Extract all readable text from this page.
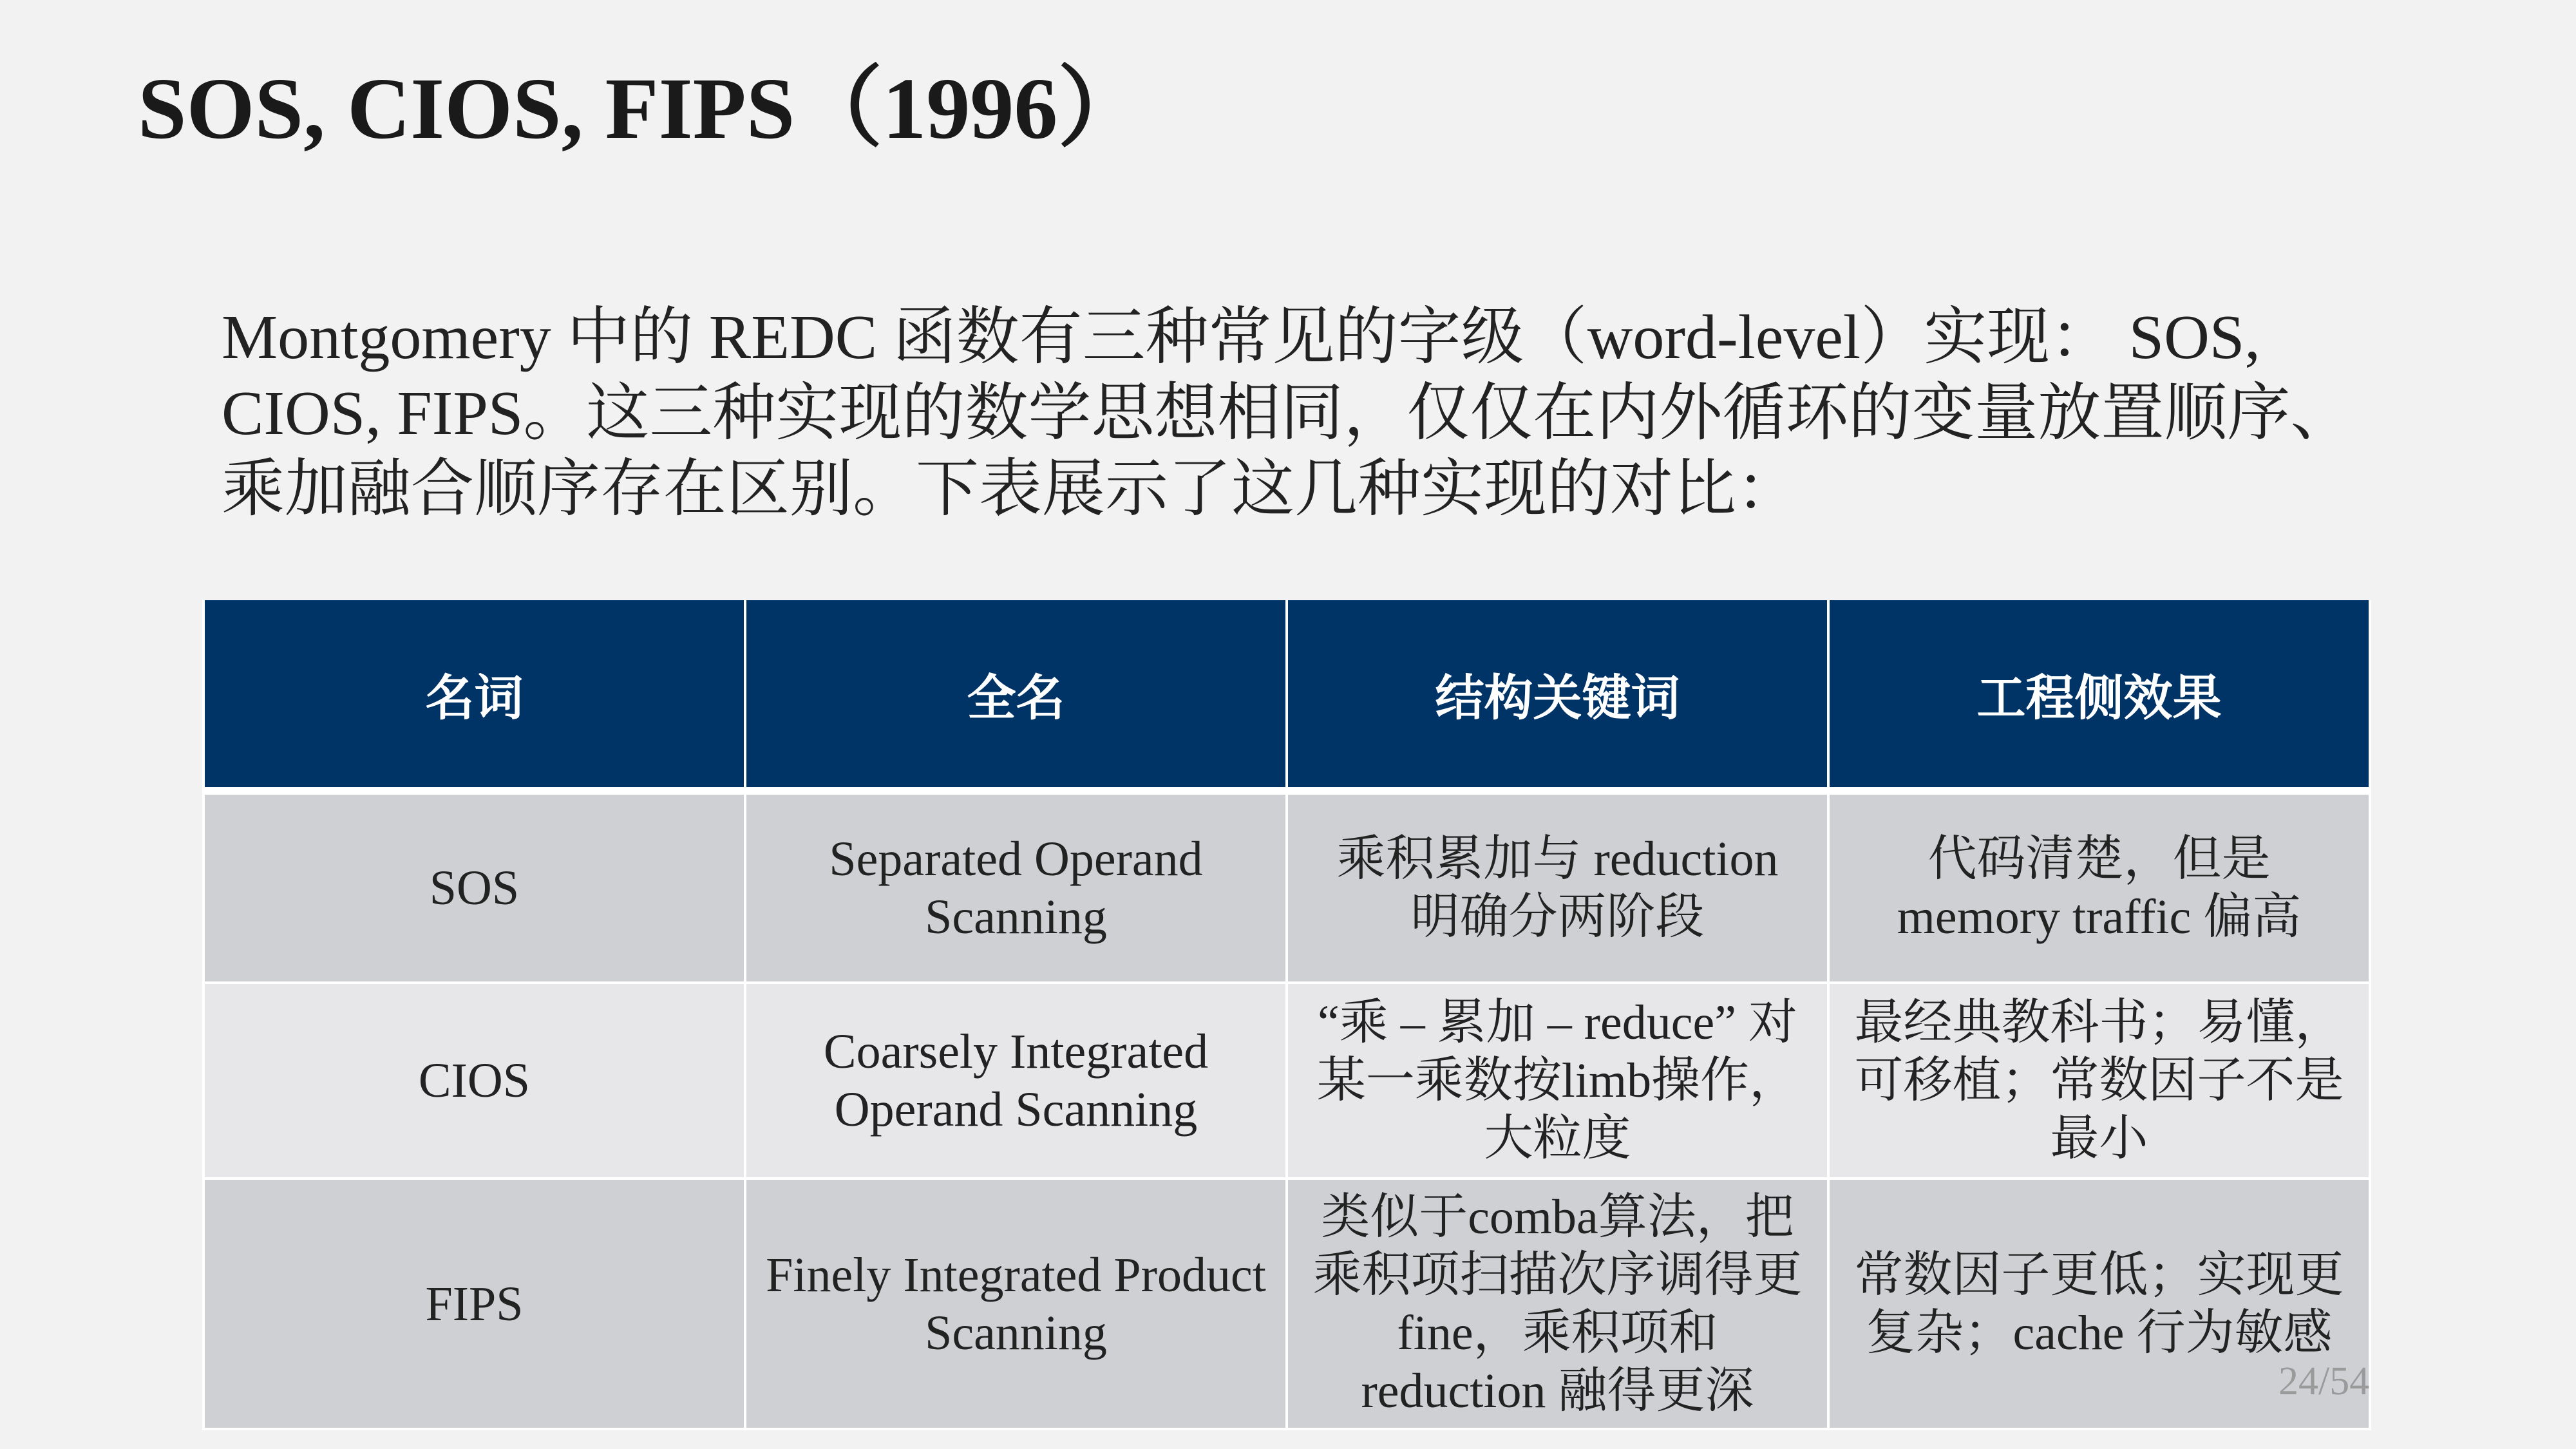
SOS, CIOS, FIPS（1996）

Montgomery 中的 REDC 函数有三种常见的字级（word-level）实现： SOS, CIOS, FIPS。这三种实现的数学思想相同，仅仅在内外循环的变量放置顺序、乘加融合顺序存在区别。下表展示了这几种实现的对比：

名词	全名	结构关键词	工程侧效果
SOS	Separated Operand Scanning	乘积累加与 reduction 明确分两阶段	代码清楚，但是 memory traffic 偏高
CIOS	Coarsely Integrated Operand Scanning	“乘 – 累加 – reduce” 对某一乘数按limb操作，大粒度	最经典教科书；易懂，可移植；常数因子不是最小
FIPS	Finely Integrated Product Scanning	类似于comba算法，把乘积项扫描次序调得更fine，乘积项和reduction 融得更深	常数因子更低；实现更复杂；cache 行为敏感
24/54
